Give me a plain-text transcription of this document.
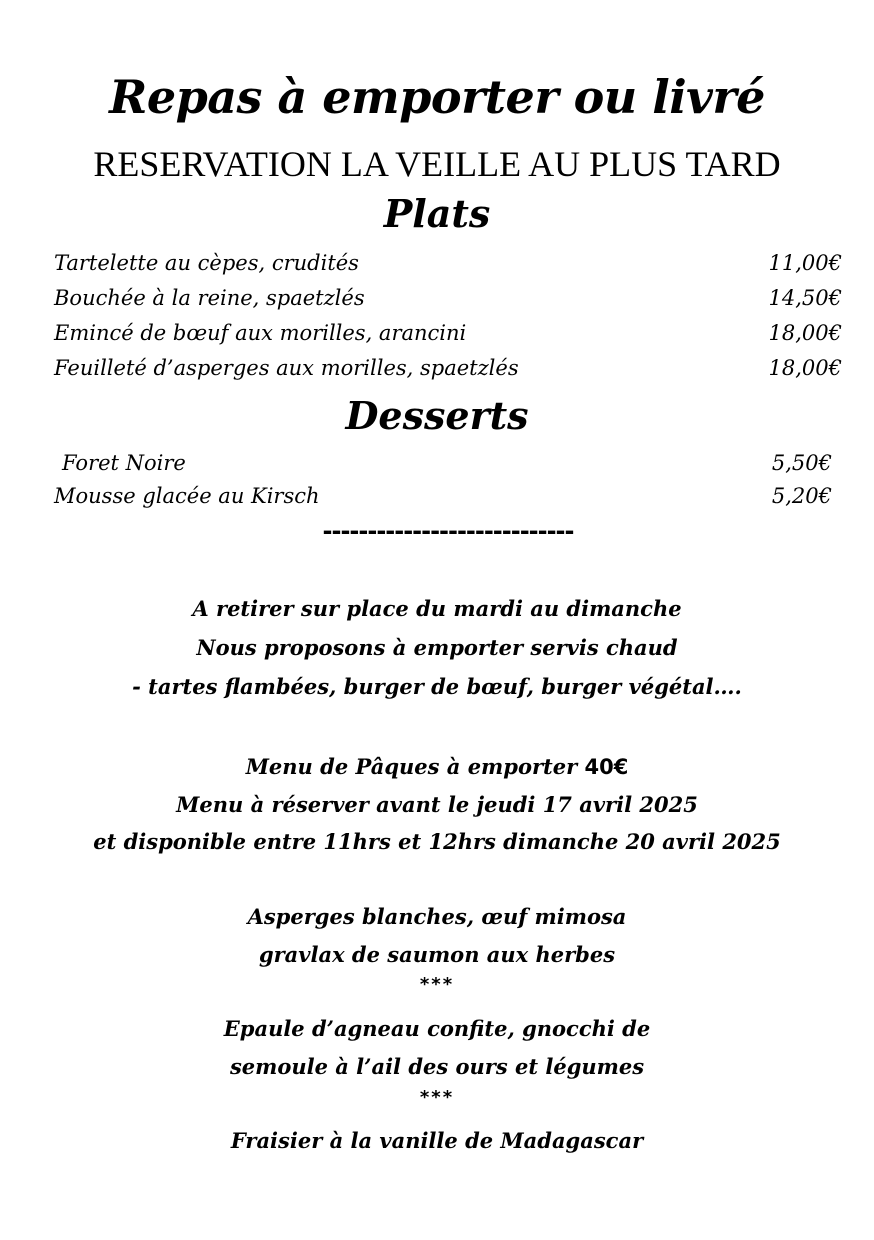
Repas à emporter ou livré
RESERVATION LA VEILLE AU PLUS TARD
Plats
Tartelette au cèpes, crudités	11,00€
Bouchée à la reine, spaetzlés	14,50€
Emincé de bœuf aux morilles, arancini	18,00€
Feuilleté d’asperges aux morilles, spaetzlés	18,00€
Desserts
Foret Noire	5,50€
Mousse glacée au Kirsch	5,20€
----------------------------
A retirer sur place du mardi au dimanche
Nous proposons à emporter servis chaud
- tartes flambées, burger de bœuf, burger végétal….
Menu de Pâques à emporter 40€
Menu à réserver avant le jeudi 17 avril 2025
et disponible entre 11hrs et 12hrs dimanche 20 avril 2025
Asperges blanches, œuf mimosa
gravlax de saumon aux herbes
***
Epaule d’agneau confite, gnocchi de
semoule à l’ail des ours et légumes
***
Fraisier à la vanille de Madagascar
